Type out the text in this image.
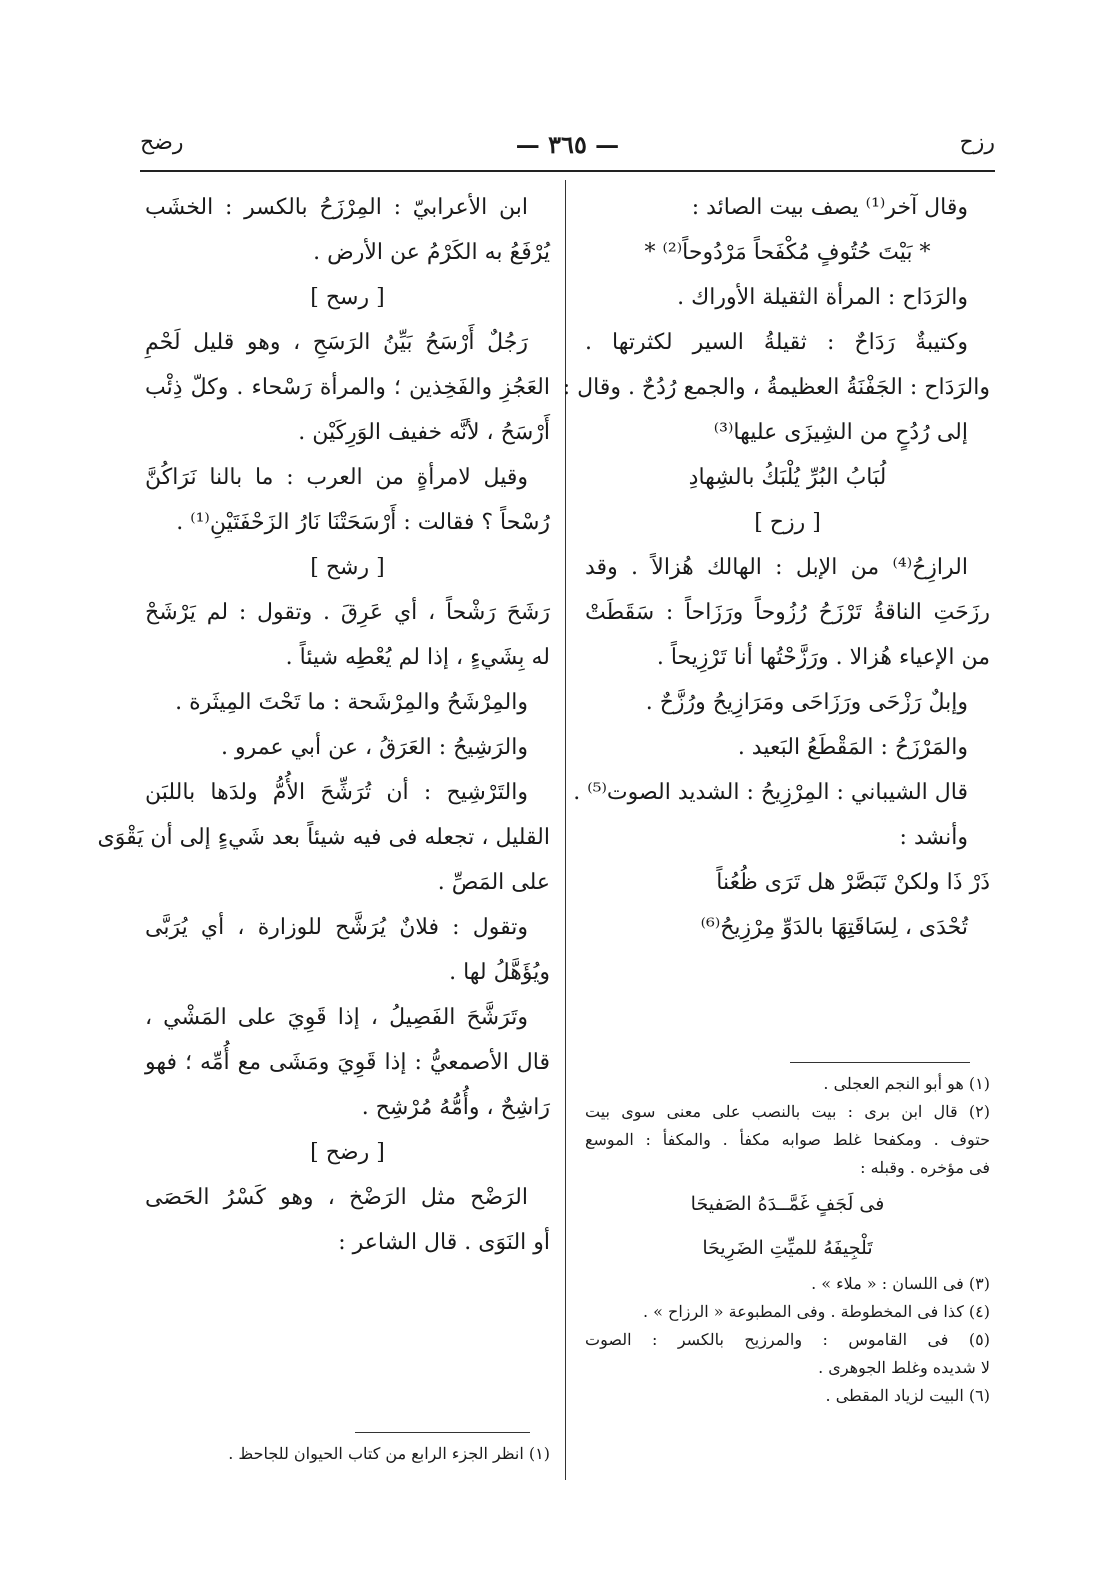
رزح
— ٣٦٥ —
رضح
وقال آخر⁽¹⁾ يصف بيت الصائد :
* بَيْتَ حُتُوفٍ مُكْفَحاً مَرْدُوحاً⁽²⁾ *
والرَدَاح : المرأة الثقيلة الأوراك .
وكتيبةٌ رَدَاحٌ : ثقيلةُ السير لكثرتها .
والرَدَاح : الجَفْنَةُ العظيمةُ ، والجمع رُدُحٌ . وقال :
إلى رُدُحٍ من الشِيزَى عليها⁽³⁾
لُبَابُ البُرِّ يُلْبَكُ بالشِهادِ
[ رزح ]
الرازِحُ⁽⁴⁾ من الإبل : الهالك هُزالاً . وقد
رزَحَتِ الناقةُ تَرْزَحُ رُزُوحاً ورَزَاحاً : سَقَطَتْ
من الإعياء هُزالا . ورَزَّحْتُها أنا تَرْزِيحاً .
وإبلٌ رَزْحَى ورَزَاحَى ومَرَازِيحُ ورُزَّحٌ .
والمَرْزَحُ : المَقْطَعُ البَعيد .
قال الشيباني : المِرْزِيحُ : الشديد الصوت⁽⁵⁾ .
وأنشد :
ذَرْ ذَا ولكنْ تَبَصَّرْ هل تَرَى ظُعُناً
تُحْدَى ، لِسَاقَتِهَا بالدَوِّ مِرْزِيحُ⁽⁶⁾
(١) هو أبو النجم العجلى .
(٢) قال ابن برى : بيت بالنصب على معنى سوى بيت
حتوف . ومكفحا غلط صوابه مكفأ . والمكفأ : الموسع
فى مؤخره . وقبله :
فى لَجَفٍ غَمَّــدَهُ الصَفيحَا
تَلْجِيفَهُ للميِّتِ الضَرِيحَا
(٣) فى اللسان : « ملاء » .
(٤) كذا فى المخطوطة . وفى المطبوعة « الرزاح » .
(٥) فى القاموس : والمرزيح بالكسر : الصوت
لا شديده وغلط الجوهرى .
(٦) البيت لزياد المقطى .
ابن الأعرابيّ : المِرْزَحُ بالكسر : الخشَب
يُرْفَعُ به الكَرْمُ عن الأرض .
[ رسح ]
رَجُلٌ أَرْسَحُ بَيِّنُ الرَسَحِ ، وهو قليل لَحْمِ
العَجُزِ والفَخِذين ؛ والمرأة رَسْحاء . وكلّ ذِئْب
أَرْسَحُ ، لأنَّه خفيف الوَرِكَيْن .
وقيل لامرأةٍ من العرب : ما بالنا نَرَاكُنَّ
رُسْحاً ؟ فقالت : أَرْسَحَتْنَا نَارُ الزَحْفَتَيْنِ⁽¹⁾ .
[ رشح ]
رَشَحَ رَشْحاً ، أي عَرِقَ . وتقول : لم يَرْشَحْ
له بِشَيءٍ ، إذا لم يُعْطِه شيئاً .
والمِرْشَحُ والمِرْشَحة : ما تَحْتَ المِيثَرة .
والرَشِيحُ : العَرَقُ ، عن أبي عمرو .
والتَرْشِيح : أن تُرَشِّحَ الأُمُّ ولدَها باللبَن
القليل ، تجعله فى فيه شيئاً بعد شَيءٍ إلى أن يَقْوَى
على المَصِّ .
وتقول : فلانٌ يُرَشَّح للوزارة ، أي يُرَبَّى
ويُؤَهَّلُ لها .
وتَرَشَّحَ الفَصِيلُ ، إذا قَوِيَ على المَشْي ،
قال الأصمعيُّ : إذا قَوِيَ ومَشَى مع أُمِّه ؛ فهو
رَاشِحٌ ، وأُمُّهُ مُرْشِح .
[ رضح ]
الرَضْح مثل الرَضْخ ، وهو كَسْرُ الحَصَى
أو النَوَى . قال الشاعر :
(١) انظر الجزء الرابع من كتاب الحيوان للجاحظ .
